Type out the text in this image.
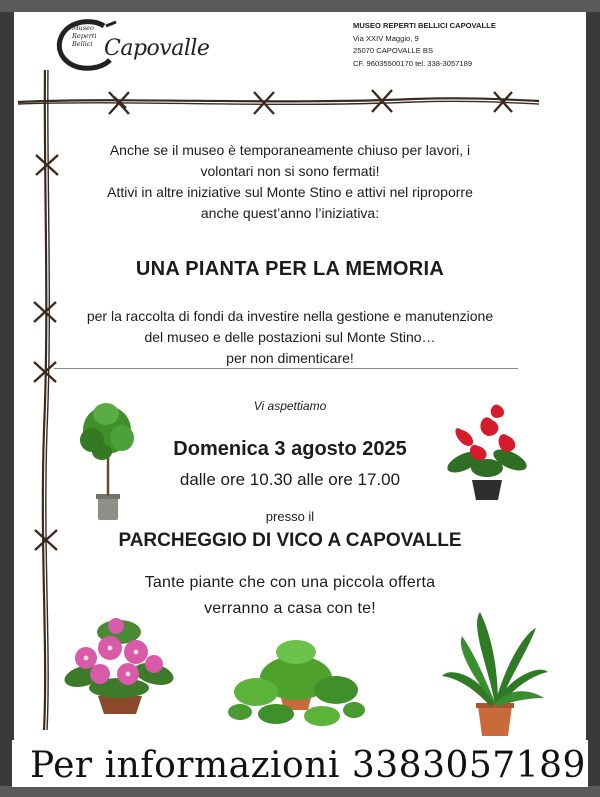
Museo
Reperti
Bellici Capovalle
MUSEO REPERTI BELLICI CAPOVALLE
Via XXIV Maggio, 9
25070 CAPOVALLE BS
CF. 96035500170 tel. 338-3057189
Anche se il museo è temporaneamente chiuso per lavori, i
volontari non si sono fermati!
Attivi in altre iniziative sul Monte Stino e attivi nel riproporre
anche quest’anno l’iniziativa:
UNA PIANTA PER LA MEMORIA
per la raccolta di fondi da investire nella gestione e manutenzione
del museo e delle postazioni sul Monte Stino…
per non dimenticare!
Vi aspettiamo
Domenica 3 agosto 2025
dalle ore 10.30 alle ore 17.00
presso il
PARCHEGGIO DI VICO A CAPOVALLE
Tante piante che con una piccola offerta
verranno a casa con te!
Per informazioni 3383057189
